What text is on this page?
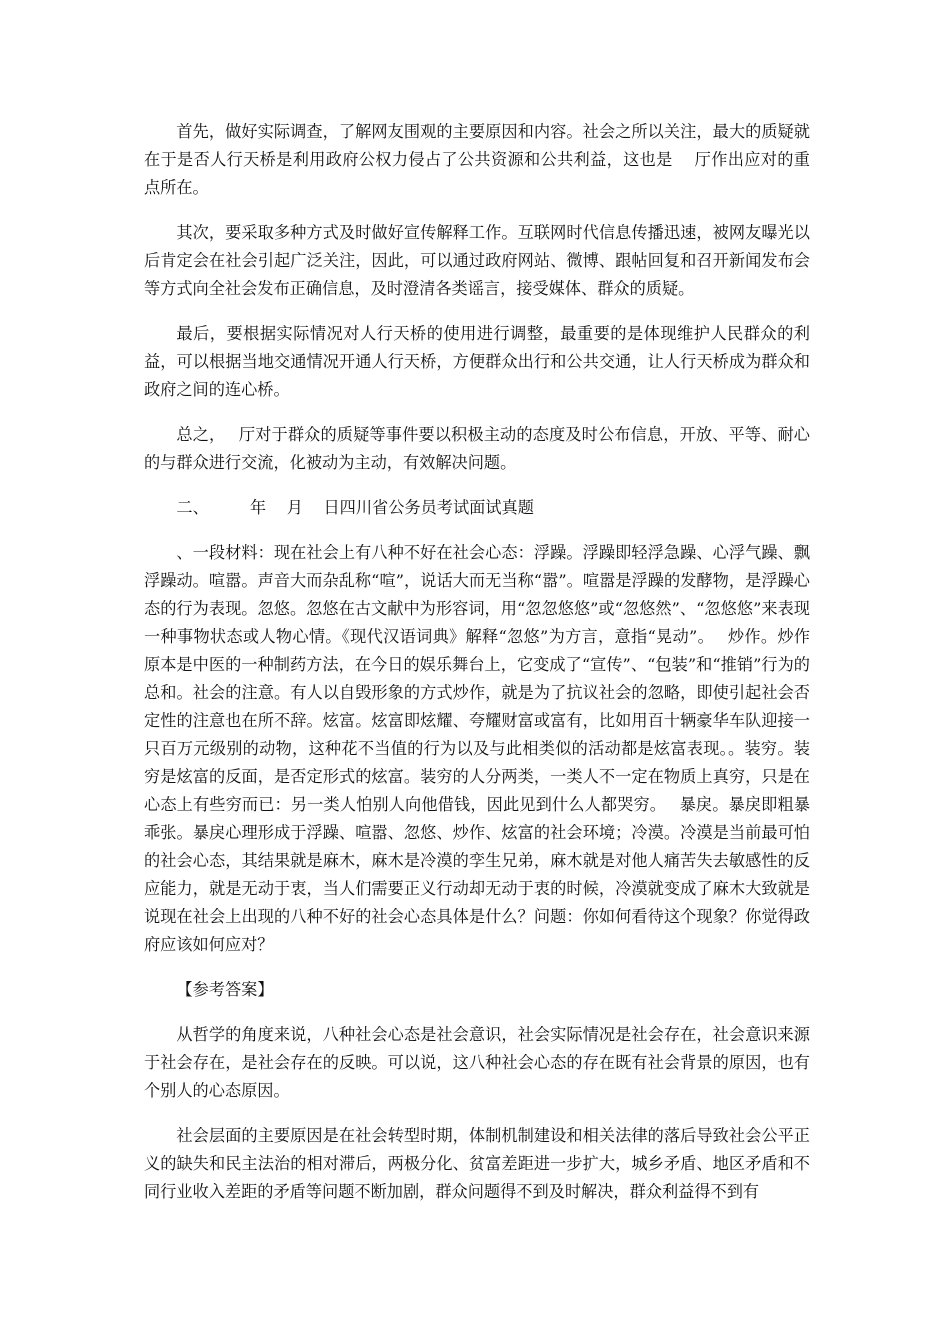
首先，做好实际调查，了解网友围观的主要原因和内容。社会之所以关注，最大的质疑就在于是否人行天桥是利用政府公权力侵占了公共资源和公共利益，这也是　 厅作出应对的重点所在。

其次，要采取多种方式及时做好宣传解释工作。互联网时代信息传播迅速，被网友曝光以后肯定会在社会引起广泛关注，因此，可以通过政府网站、微博、跟帖回复和召开新闻发布会等方式向全社会发布正确信息，及时澄清各类谣言，接受媒体、群众的质疑。

最后，要根据实际情况对人行天桥的使用进行调整，最重要的是体现维护人民群众的利益，可以根据当地交通情况开通人行天桥，方便群众出行和公共交通，让人行天桥成为群众和政府之间的连心桥。

总之，　 厅对于群众的质疑等事件要以积极主动的态度及时公布信息，开放、平等、耐心的与群众进行交流，化被动为主动，有效解决问题。

二、        年    月    日四川省公务员考试面试真题

、一段材料：现在社会上有八种不好在社会心态：浮躁。浮躁即轻浮急躁、心浮气躁、飘浮躁动。喧嚣。声音大而杂乱称“喧”，说话大而无当称“嚣”。喧嚣是浮躁的发酵物，是浮躁心态的行为表现。忽悠。忽悠在古文献中为形容词，用“忽忽悠悠”或“忽悠然”、“忽悠悠”来表现一种事物状态或人物心情。《现代汉语词典》解释“忽悠”为方言，意指“晃动”。　 炒作。炒作原本是中医的一种制药方法，在今日的娱乐舞台上，它变成了“宣传”、“包装”和“推销”行为的总和。社会的注意。有人以自毁形象的方式炒作，就是为了抗议社会的忽略，即使引起社会否定性的注意也在所不辞。炫富。炫富即炫耀、夸耀财富或富有，比如用百十辆豪华车队迎接一只百万元级别的动物，这种花不当值的行为以及与此相类似的活动都是炫富表现。。装穷。装穷是炫富的反面，是否定形式的炫富。装穷的人分两类，一类人不一定在物质上真穷，只是在心态上有些穷而已：另一类人怕别人向他借钱，因此见到什么人都哭穷。　 暴戾。暴戾即粗暴乖张。暴戾心理形成于浮躁、喧嚣、忽悠、炒作、炫富的社会环境；冷漠。冷漠是当前最可怕的社会心态，其结果就是麻木，麻木是冷漠的孪生兄弟，麻木就是对他人痛苦失去敏感性的反应能力，就是无动于衷，当人们需要正义行动却无动于衷的时候，冷漠就变成了麻木大致就是说现在社会上出现的八种不好的社会心态具体是什么？问题：你如何看待这个现象？你觉得政府应该如何应对？

【参考答案】

从哲学的角度来说，八种社会心态是社会意识，社会实际情况是社会存在，社会意识来源于社会存在，是社会存在的反映。可以说，这八种社会心态的存在既有社会背景的原因，也有个别人的心态原因。

社会层面的主要原因是在社会转型时期，体制机制建设和相关法律的落后导致社会公平正义的缺失和民主法治的相对滞后，两极分化、贫富差距进一步扩大，城乡矛盾、地区矛盾和不同行业收入差距的矛盾等问题不断加剧，群众问题得不到及时解决，群众利益得不到有
